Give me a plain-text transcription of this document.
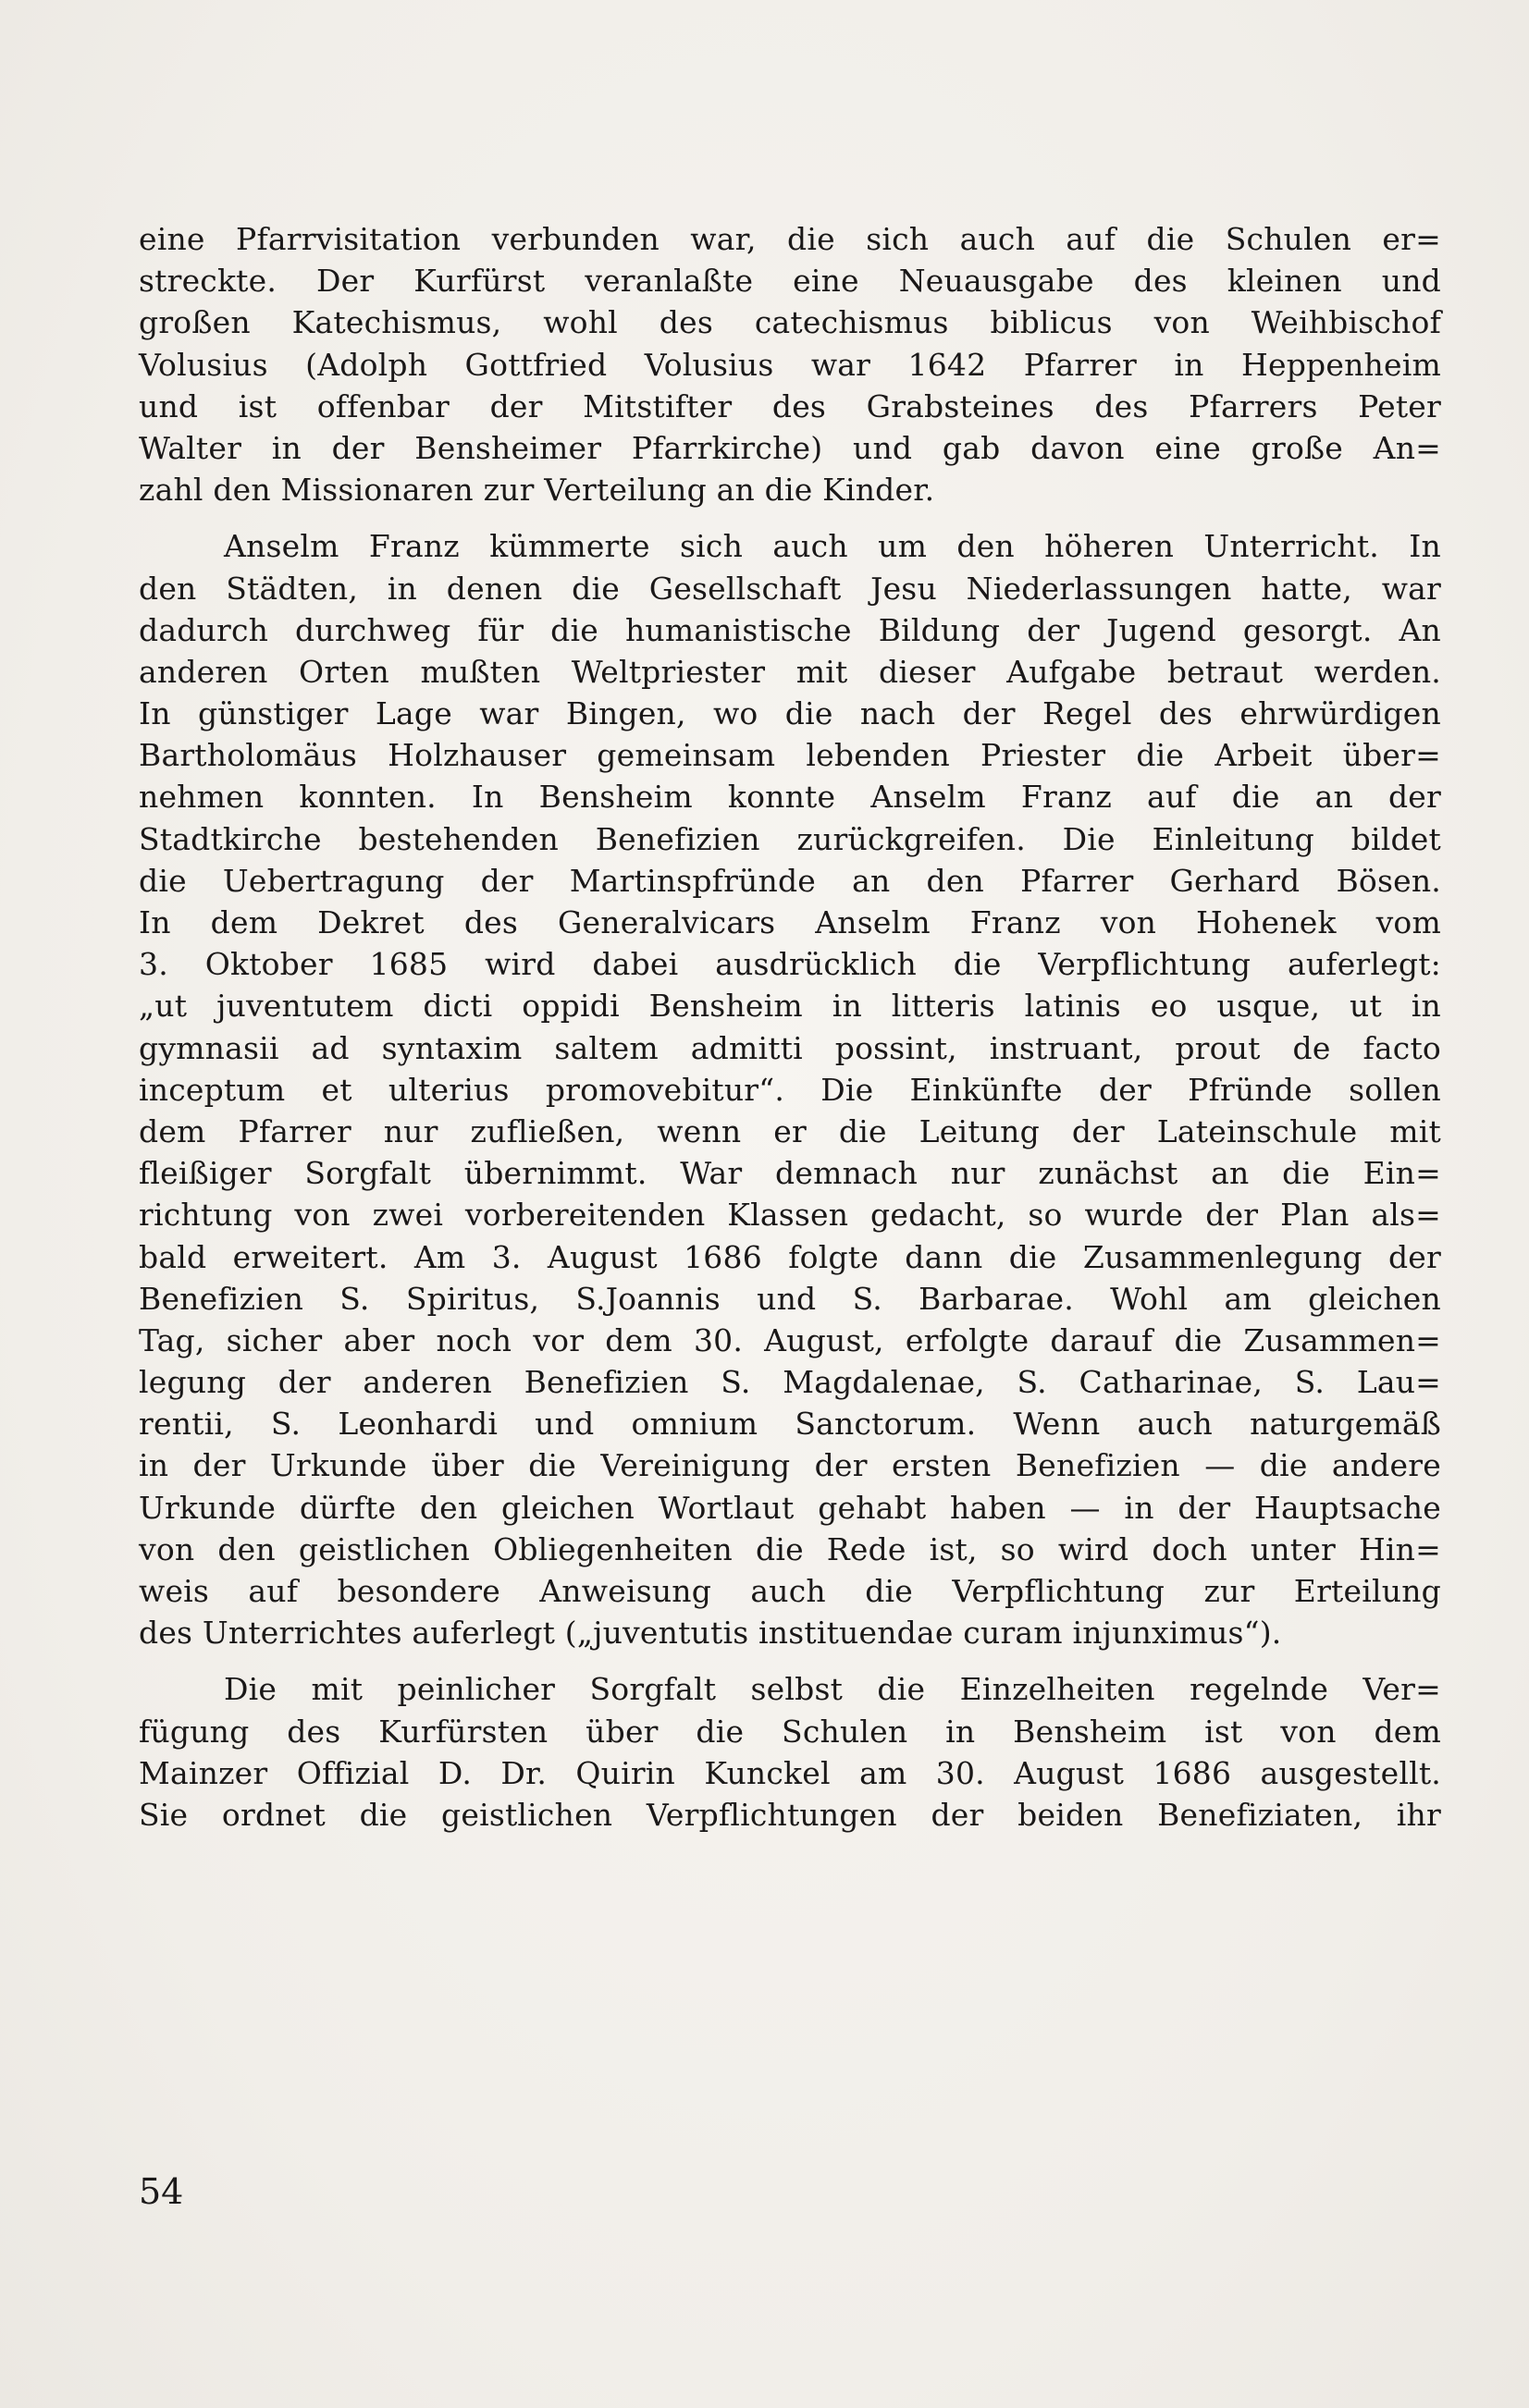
eine Pfarrvisitation verbunden war, die sich auch auf die Schulen er=
streckte. Der Kurfürst veranlaßte eine Neuausgabe des kleinen und
großen Katechismus, wohl des catechismus biblicus von Weihbischof
Volusius (Adolph Gottfried Volusius war 1642 Pfarrer in Heppenheim
und ist offenbar der Mitstifter des Grabsteines des Pfarrers Peter
Walter in der Bensheimer Pfarrkirche) und gab davon eine große An=
zahl den Missionaren zur Verteilung an die Kinder.
Anselm Franz kümmerte sich auch um den höheren Unterricht. In
den Städten, in denen die Gesellschaft Jesu Niederlassungen hatte, war
dadurch durchweg für die humanistische Bildung der Jugend gesorgt. An
anderen Orten mußten Weltpriester mit dieser Aufgabe betraut werden.
In günstiger Lage war Bingen, wo die nach der Regel des ehrwürdigen
Bartholomäus Holzhauser gemeinsam lebenden Priester die Arbeit über=
nehmen konnten. In Bensheim konnte Anselm Franz auf die an der
Stadtkirche bestehenden Benefizien zurückgreifen. Die Einleitung bildet
die Uebertragung der Martinspfründe an den Pfarrer Gerhard Bösen.
In dem Dekret des Generalvicars Anselm Franz von Hohenek vom
3. Oktober 1685 wird dabei ausdrücklich die Verpflichtung auferlegt:
„ut juventutem dicti oppidi Bensheim in litteris latinis eo usque, ut in
gymnasii ad syntaxim saltem admitti possint, instruant, prout de facto
inceptum et ulterius promovebitur“. Die Einkünfte der Pfründe sollen
dem Pfarrer nur zufließen, wenn er die Leitung der Lateinschule mit
fleißiger Sorgfalt übernimmt. War demnach nur zunächst an die Ein=
richtung von zwei vorbereitenden Klassen gedacht, so wurde der Plan als=
bald erweitert. Am 3. August 1686 folgte dann die Zusammenlegung der
Benefizien S. Spiritus, S.Joannis und S. Barbarae. Wohl am gleichen
Tag, sicher aber noch vor dem 30. August, erfolgte darauf die Zusammen=
legung der anderen Benefizien S. Magdalenae, S. Catharinae, S. Lau=
rentii, S. Leonhardi und omnium Sanctorum. Wenn auch naturgemäß
in der Urkunde über die Vereinigung der ersten Benefizien — die andere
Urkunde dürfte den gleichen Wortlaut gehabt haben — in der Hauptsache
von den geistlichen Obliegenheiten die Rede ist, so wird doch unter Hin=
weis auf besondere Anweisung auch die Verpflichtung zur Erteilung
des Unterrichtes auferlegt („juventutis instituendae curam injunximus“).
Die mit peinlicher Sorgfalt selbst die Einzelheiten regelnde Ver=
fügung des Kurfürsten über die Schulen in Bensheim ist von dem
Mainzer Offizial D. Dr. Quirin Kunckel am 30. August 1686 ausgestellt.
Sie ordnet die geistlichen Verpflichtungen der beiden Benefiziaten, ihr
54
